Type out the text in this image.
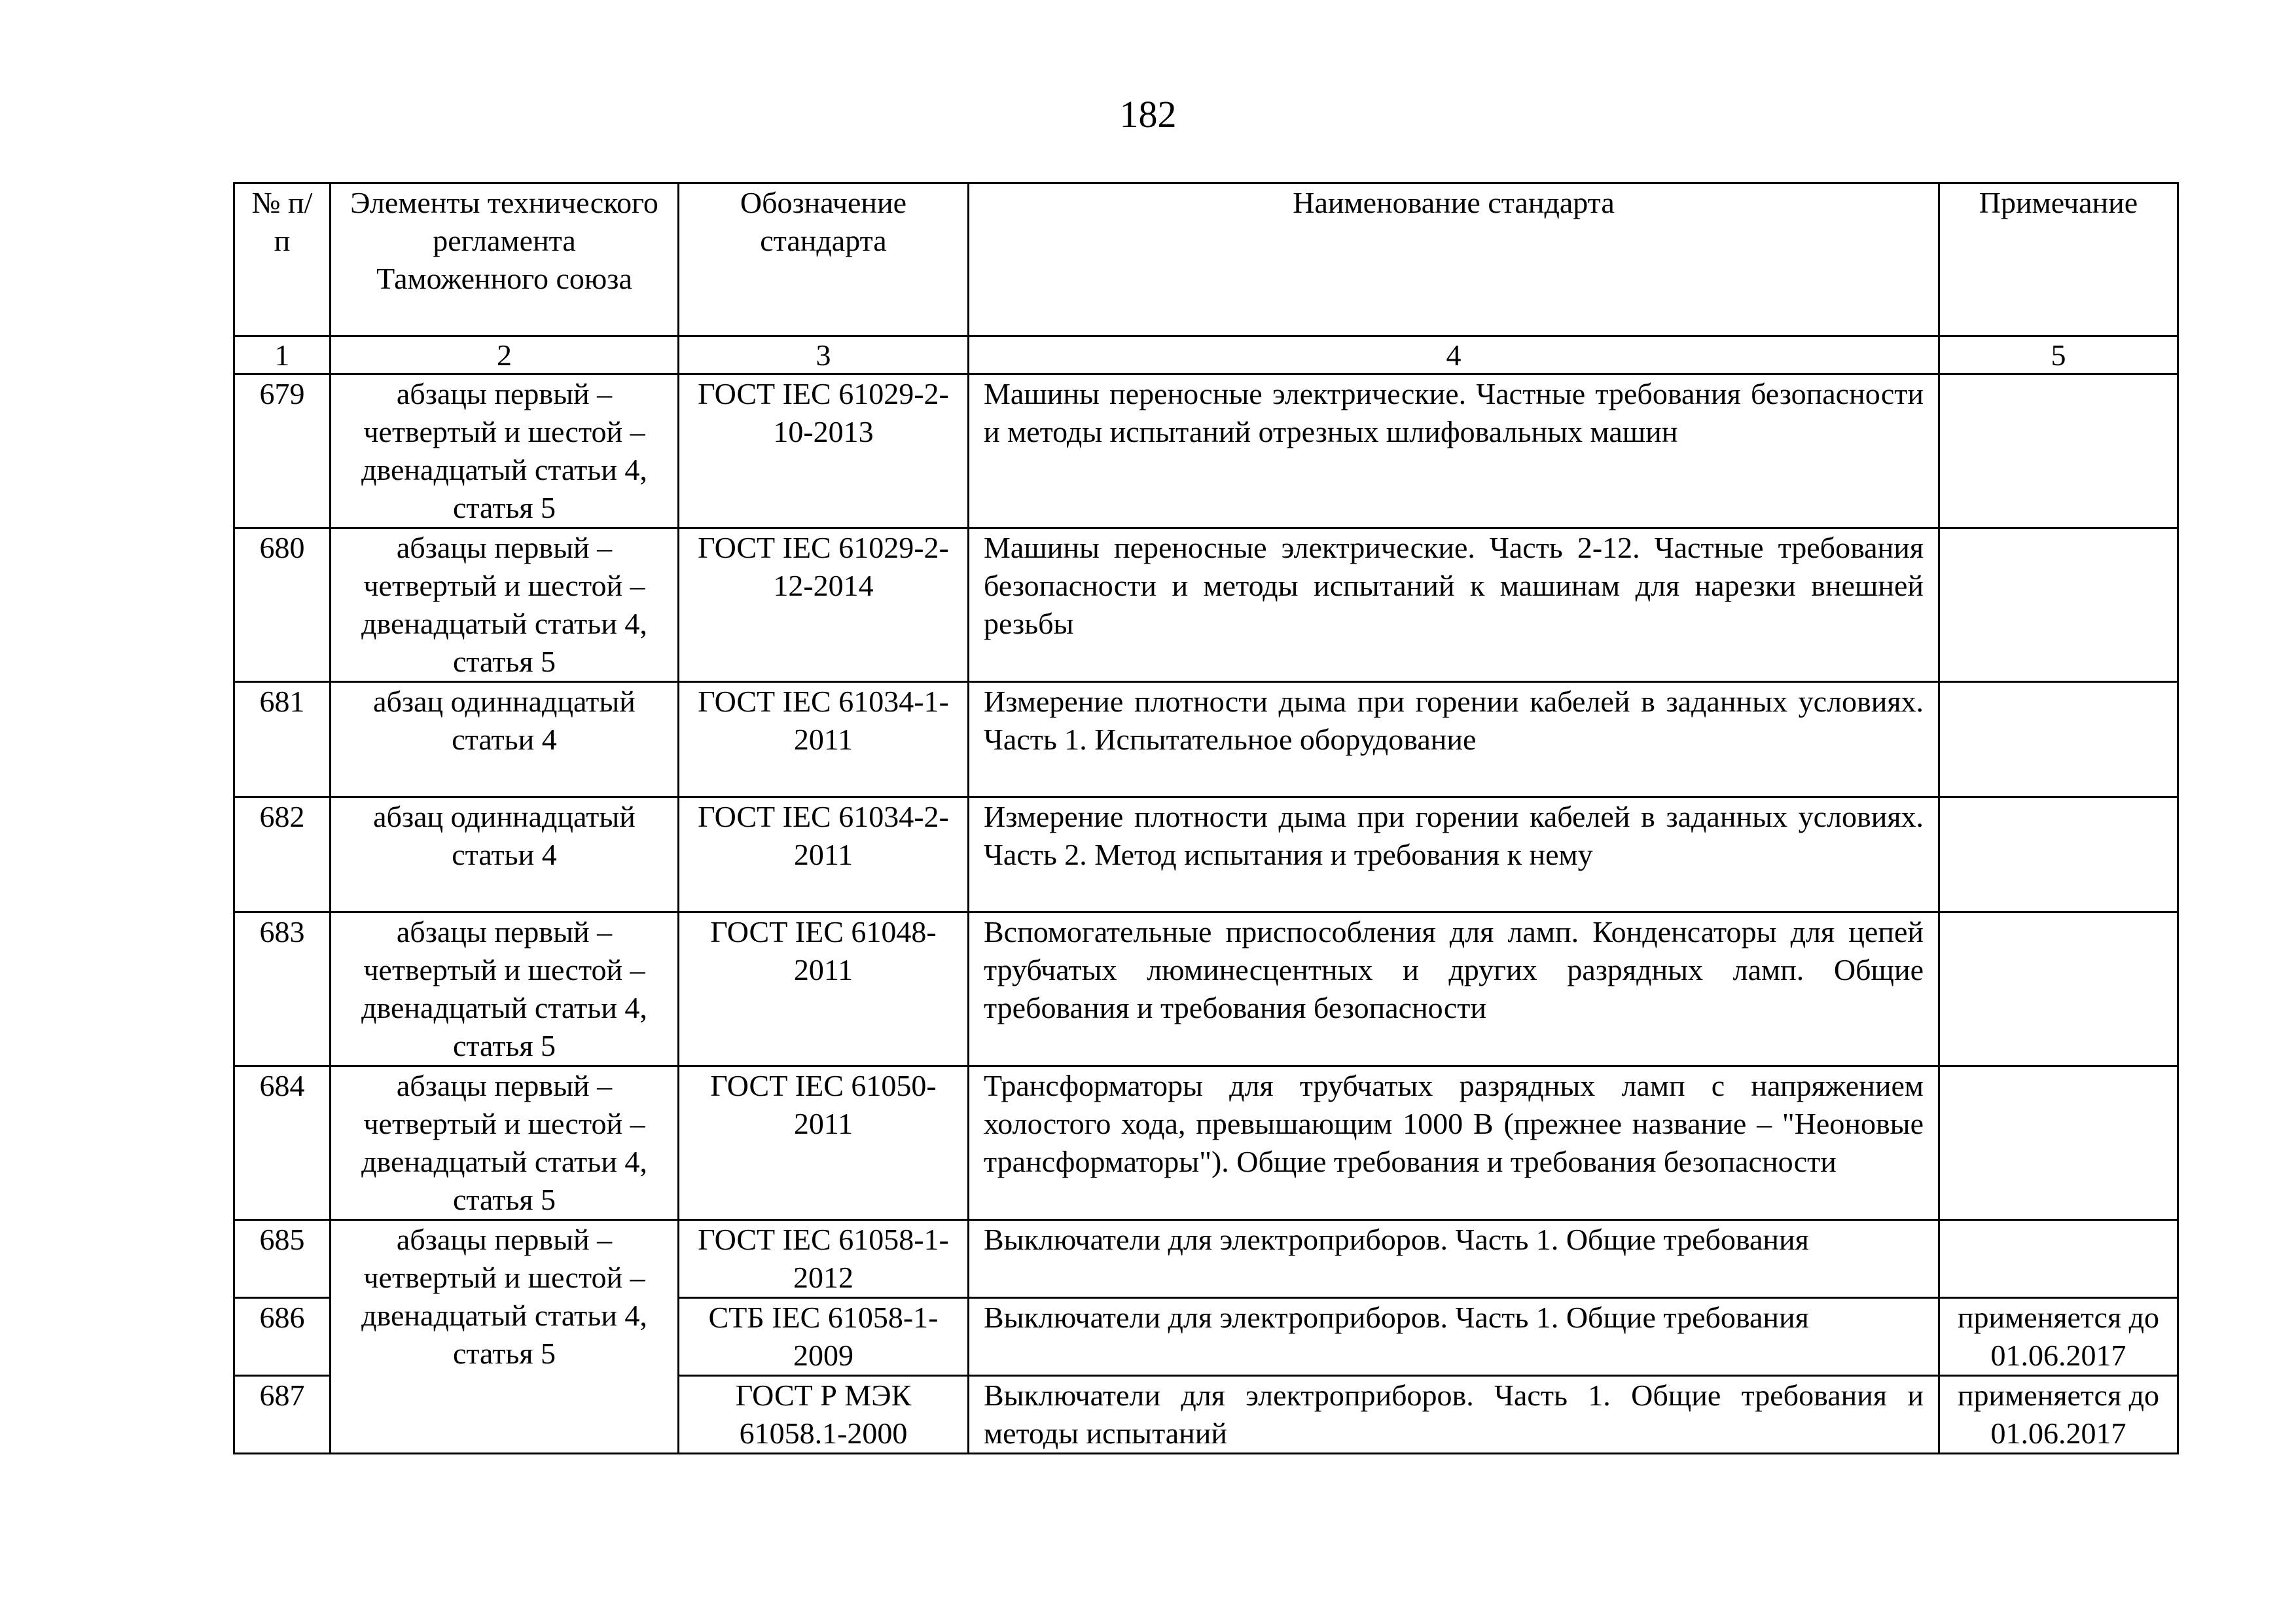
182
№ п/п	Элементы технического регламента Таможенного союза	Обозначение стандарта	Наименование стандарта	Примечание
1	2	3	4	5
679	абзацы первый – четвертый и шестой – двенадцатый статьи 4, статья 5	ГОСТ IEC 61029-2-10-2013	Машины переносные электрические. Частные требования безопасности и методы испытаний отрезных шлифовальных машин	
680	абзацы первый – четвертый и шестой – двенадцатый статьи 4, статья 5	ГОСТ IEC 61029-2-12-2014	Машины переносные электрические. Часть 2-12. Частные требования безопасности и методы испытаний к машинам для нарезки внешней резьбы	
681	абзац одиннадцатый статьи 4	ГОСТ IEC 61034-1-2011	Измерение плотности дыма при горении кабелей в заданных условиях. Часть 1. Испытательное оборудование	
682	абзац одиннадцатый статьи 4	ГОСТ IEC 61034-2-2011	Измерение плотности дыма при горении кабелей в заданных условиях. Часть 2. Метод испытания и требования к нему	
683	абзацы первый – четвертый и шестой – двенадцатый статьи 4, статья 5	ГОСТ IEC 61048-2011	Вспомогательные приспособления для ламп. Конденсаторы для цепей трубчатых люминесцентных и других разрядных ламп. Общие требования и требования безопасности	
684	абзацы первый – четвертый и шестой – двенадцатый статьи 4, статья 5	ГОСТ IEC 61050-2011	Трансформаторы для трубчатых разрядных ламп с напряжением холостого хода, превышающим 1000 В (прежнее название – "Неоновые трансформаторы"). Общие требования и требования безопасности	
685	абзацы первый – четвертый и шестой – двенадцатый статьи 4, статья 5	ГОСТ IEC 61058-1-2012	Выключатели для электроприборов. Часть 1. Общие требования	
686		СТБ IEC 61058-1-2009	Выключатели для электроприборов. Часть 1. Общие требования	применяется до 01.06.2017
687		ГОСТ Р МЭК 61058.1-2000	Выключатели для электроприборов. Часть 1. Общие требования и методы испытаний	применяется до 01.06.2017
